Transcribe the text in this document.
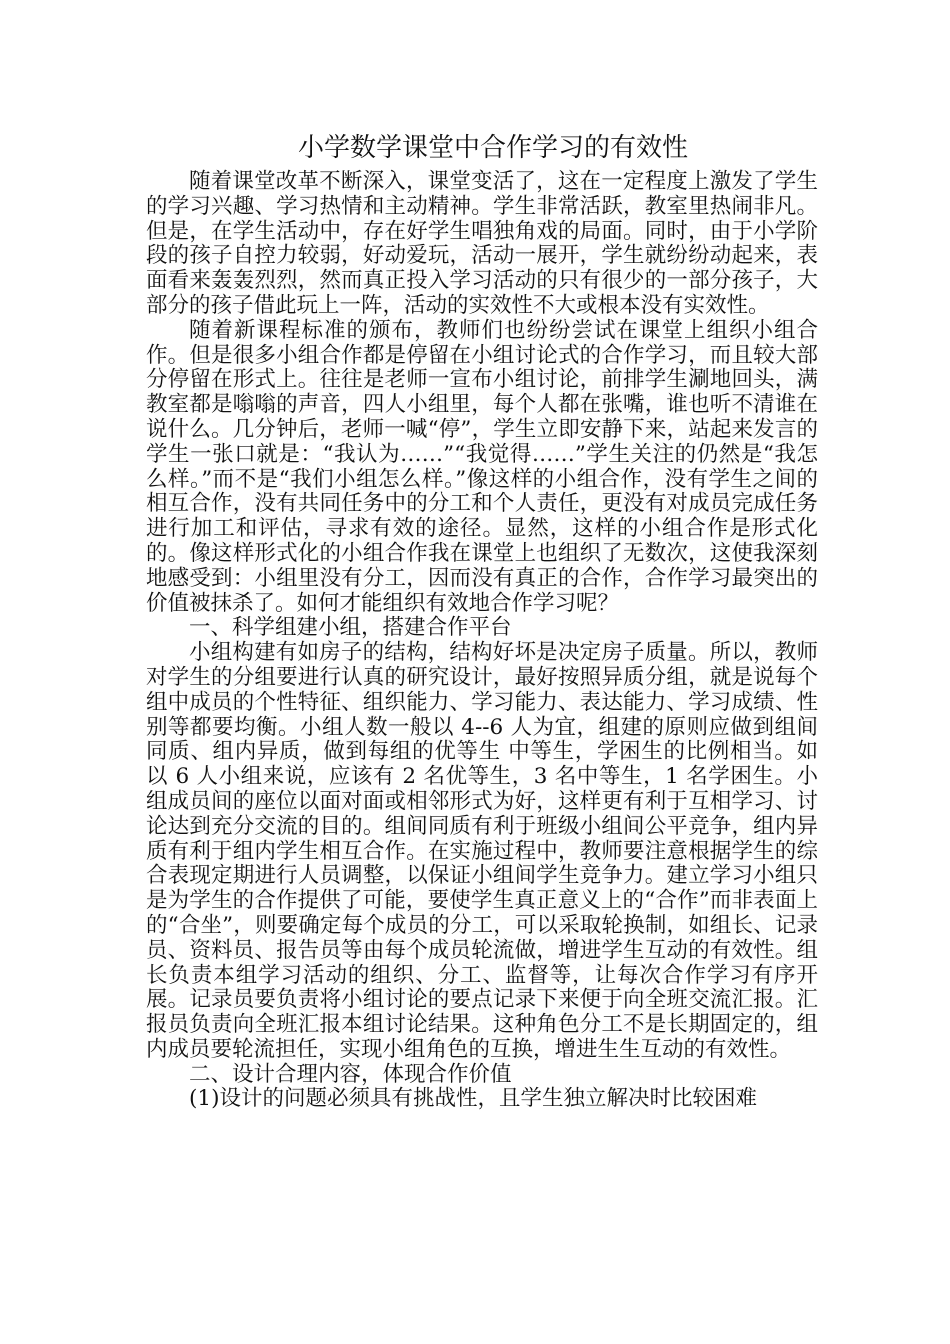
小学数学课堂中合作学习的有效性

随着课堂改革不断深入，课堂变活了，这在一定程度上激发了学生的学习兴趣、学习热情和主动精神。学生非常活跃，教室里热闹非凡。但是，在学生活动中，存在好学生唱独角戏的局面。同时，由于小学阶段的孩子自控力较弱，好动爱玩，活动一展开，学生就纷纷动起来，表面看来轰轰烈烈，然而真正投入学习活动的只有很少的一部分孩子，大部分的孩子借此玩上一阵，活动的实效性不大或根本没有实效性。

随着新课程标准的颁布，教师们也纷纷尝试在课堂上组织小组合作。但是很多小组合作都是停留在小组讨论式的合作学习，而且较大部分停留在形式上。往往是老师一宣布小组讨论，前排学生涮地回头，满教室都是嗡嗡的声音，四人小组里，每个人都在张嘴，谁也听不清谁在说什么。几分钟后，老师一喊“停”，学生立即安静下来，站起来发言的学生一张口就是：“我认为……”“我觉得……”学生关注的仍然是“我怎么样。”而不是“我们小组怎么样。”像这样的小组合作，没有学生之间的相互合作，没有共同任务中的分工和个人责任，更没有对成员完成任务进行加工和评估，寻求有效的途径。显然，这样的小组合作是形式化的。像这样形式化的小组合作我在课堂上也组织了无数次，这使我深刻地感受到：小组里没有分工，因而没有真正的合作，合作学习最突出的价值被抹杀了。如何才能组织有效地合作学习呢？

一、科学组建小组，搭建合作平台

小组构建有如房子的结构，结构好坏是决定房子质量。所以，教师对学生的分组要进行认真的研究设计，最好按照异质分组，就是说每个组中成员的个性特征、组织能力、学习能力、表达能力、学习成绩、性别等都要均衡。小组人数一般以 4--6 人为宜，组建的原则应做到组间同质、组内异质，做到每组的优等生 中等生，学困生的比例相当。如以 6 人小组来说，应该有 2 名优等生，3 名中等生，1 名学困生。小组成员间的座位以面对面或相邻形式为好，这样更有利于互相学习、讨论达到充分交流的目的。组间同质有利于班级小组间公平竞争，组内异质有利于组内学生相互合作。在实施过程中，教师要注意根据学生的综合表现定期进行人员调整，以保证小组间学生竞争力。建立学习小组只是为学生的合作提供了可能，要使学生真正意义上的“合作”而非表面上的“合坐”，则要确定每个成员的分工，可以采取轮换制，如组长、记录员、资料员、报告员等由每个成员轮流做，增进学生互动的有效性。组长负责本组学习活动的组织、分工、监督等，让每次合作学习有序开展。记录员要负责将小组讨论的要点记录下来便于向全班交流汇报。汇报员负责向全班汇报本组讨论结果。这种角色分工不是长期固定的，组内成员要轮流担任，实现小组角色的互换，增进生生互动的有效性。

二、设计合理内容，体现合作价值

(1)设计的问题必须具有挑战性，且学生独立解决时比较困难
